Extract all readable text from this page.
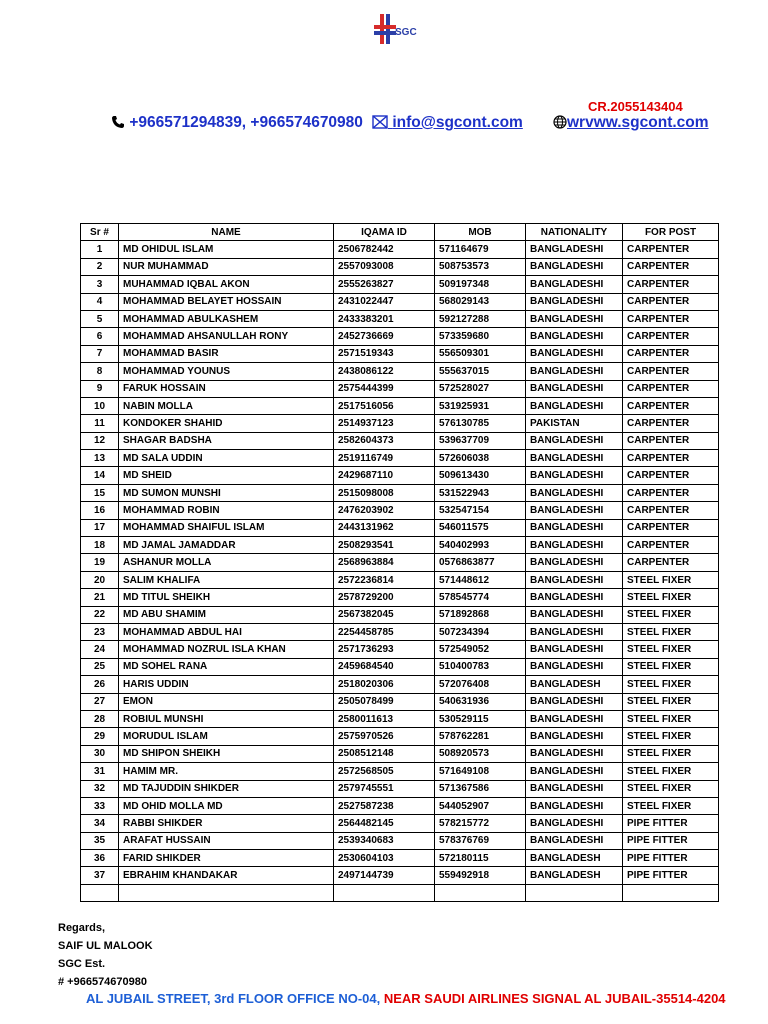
SGC
CR.2055143404
+966571294839, +966574670980	info@sgcont.com	wrvww.sgcont.com
Sr #	NAME	IQAMA ID	MOB	NATIONALITY	FOR POST
1	MD OHIDUL ISLAM	2506782442	571164679	BANGLADESHI	CARPENTER
2	NUR MUHAMMAD	2557093008	508753573	BANGLADESHI	CARPENTER
3	MUHAMMAD IQBAL AKON	2555263827	509197348	BANGLADESHI	CARPENTER
4	MOHAMMAD BELAYET HOSSAIN	2431022447	568029143	BANGLADESHI	CARPENTER
5	MOHAMMAD ABULKASHEM	2433383201	592127288	BANGLADESHI	CARPENTER
6	MOHAMMAD AHSANULLAH RONY	2452736669	573359680	BANGLADESHI	CARPENTER
7	MOHAMMAD BASIR	2571519343	556509301	BANGLADESHI	CARPENTER
8	MOHAMMAD YOUNUS	2438086122	555637015	BANGLADESHI	CARPENTER
9	FARUK HOSSAIN	2575444399	572528027	BANGLADESHI	CARPENTER
10	NABIN MOLLA	2517516056	531925931	BANGLADESHI	CARPENTER
11	KONDOKER SHAHID	2514937123	576130785	PAKISTAN	CARPENTER
12	SHAGAR BADSHA	2582604373	539637709	BANGLADESHI	CARPENTER
13	MD SALA UDDIN	2519116749	572606038	BANGLADESHI	CARPENTER
14	MD SHEID	2429687110	509613430	BANGLADESHI	CARPENTER
15	MD SUMON MUNSHI	2515098008	531522943	BANGLADESHI	CARPENTER
16	MOHAMMAD ROBIN	2476203902	532547154	BANGLADESHI	CARPENTER
17	MOHAMMAD SHAIFUL ISLAM	2443131962	546011575	BANGLADESHI	CARPENTER
18	MD JAMAL JAMADDAR	2508293541	540402993	BANGLADESHI	CARPENTER
19	ASHANUR MOLLA	2568963884	0576863877	BANGLADESHI	CARPENTER
20	SALIM KHALIFA	2572236814	571448612	BANGLADESHI	STEEL FIXER
21	MD TITUL SHEIKH	2578729200	578545774	BANGLADESHI	STEEL FIXER
22	MD ABU SHAMIM	2567382045	571892868	BANGLADESHI	STEEL FIXER
23	MOHAMMAD ABDUL HAI	2254458785	507234394	BANGLADESHI	STEEL FIXER
24	MOHAMMAD NOZRUL ISLA KHAN	2571736293	572549052	BANGLADESHI	STEEL FIXER
25	MD SOHEL RANA	2459684540	510400783	BANGLADESHI	STEEL FIXER
26	HARIS UDDIN	2518020306	572076408	BANGLADESH	STEEL FIXER
27	EMON	2505078499	540631936	BANGLADESHI	STEEL FIXER
28	ROBIUL MUNSHI	2580011613	530529115	BANGLADESHI	STEEL FIXER
29	MORUDUL ISLAM	2575970526	578762281	BANGLADESHI	STEEL FIXER
30	MD SHIPON SHEIKH	2508512148	508920573	BANGLADESHI	STEEL FIXER
31	HAMIM MR.	2572568505	571649108	BANGLADESHI	STEEL FIXER
32	MD TAJUDDIN SHIKDER	2579745551	571367586	BANGLADESHI	STEEL FIXER
33	MD OHID MOLLA MD	2527587238	544052907	BANGLADESHI	STEEL FIXER
34	RABBI SHIKDER	2564482145	578215772	BANGLADESHI	PIPE FITTER
35	ARAFAT HUSSAIN	2539340683	578376769	BANGLADESHI	PIPE FITTER
36	FARID SHIKDER	2530604103	572180115	BANGLADESH	PIPE FITTER
37	EBRAHIM KHANDAKAR	2497144739	559492918	BANGLADESH	PIPE FITTER

Regards,
SAIF UL MALOOK
SGC Est.
# +966574670980
AL JUBAIL STREET, 3rd FLOOR OFFICE NO-04, NEAR SAUDI AIRLINES SIGNAL AL JUBAIL-35514-4204
